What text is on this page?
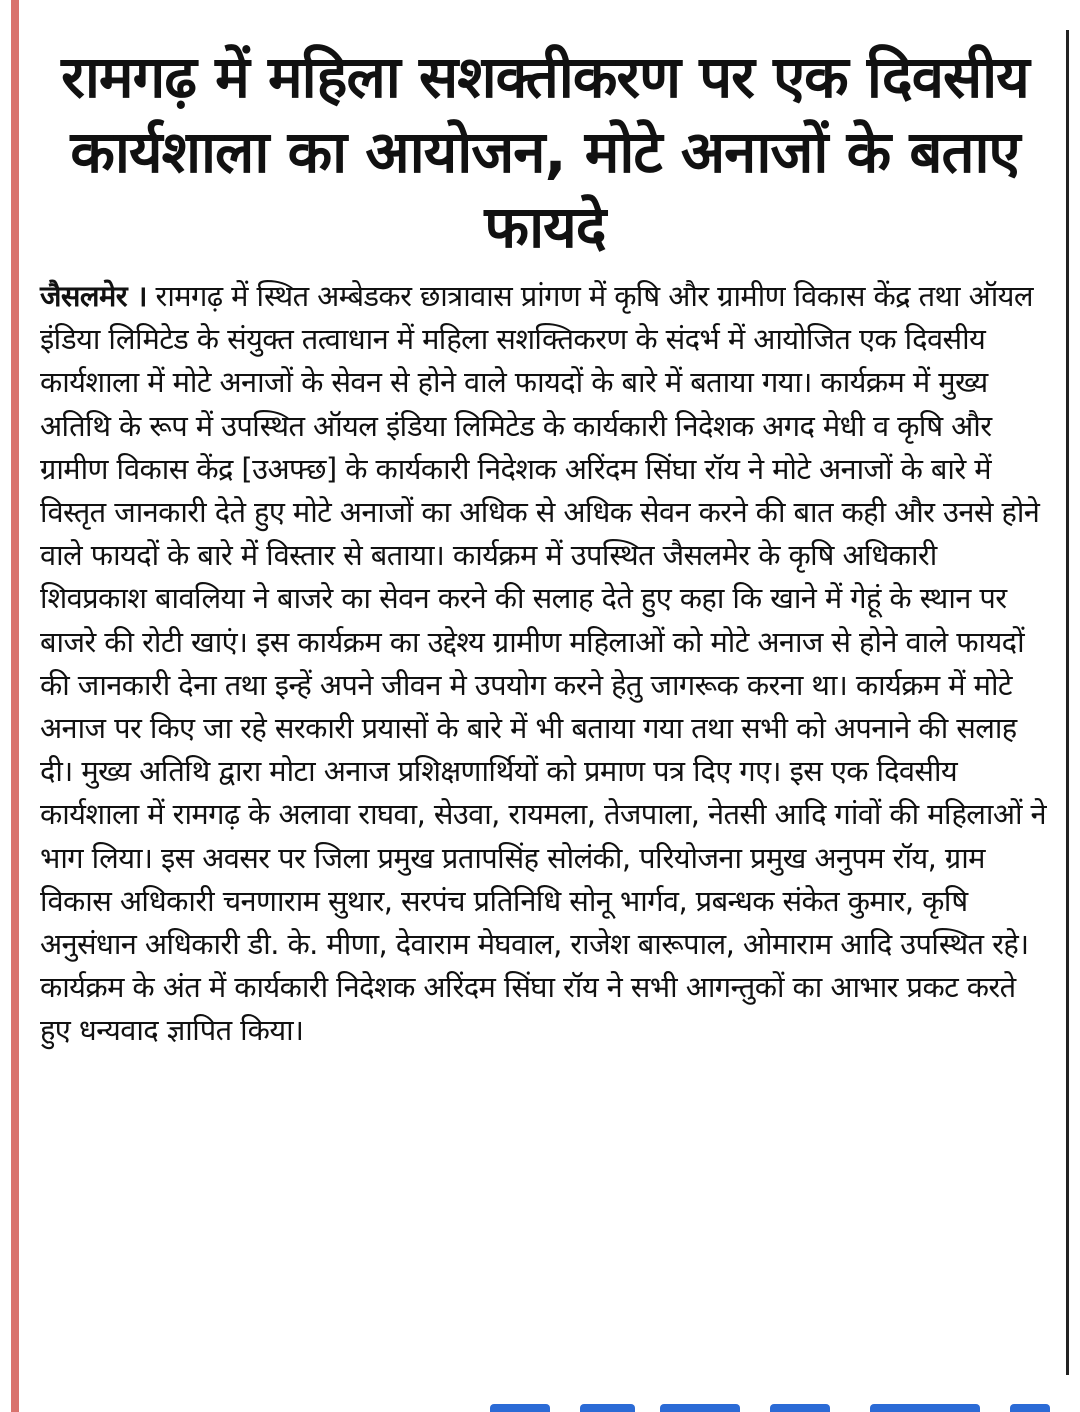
रामगढ़ में महिला सशक्तीकरण पर एक दिवसीय कार्यशाला का आयोजन, मोटे अनाजों के बताए फायदे

जैसलमेर । रामगढ़ में स्थित अम्बेडकर छात्रावास प्रांगण में कृषि और ग्रामीण विकास केंद्र तथा ऑयल इंडिया लिमिटेड के संयुक्त तत्वाधान में महिला सशक्तिकरण के संदर्भ में आयोजित एक दिवसीय कार्यशाला में मोटे अनाजों के सेवन से होने वाले फायदों के बारे में बताया गया। कार्यक्रम में मुख्य अतिथि के रूप में उपस्थित ऑयल इंडिया लिमिटेड के कार्यकारी निदेशक अगद मेधी व कृषि और ग्रामीण विकास केंद्र [उअफ्छ] के कार्यकारी निदेशक अरिंदम सिंघा रॉय ने मोटे अनाजों के बारे में विस्तृत जानकारी देते हुए मोटे अनाजों का अधिक से अधिक सेवन करने की बात कही और उनसे होने वाले फायदों के बारे में विस्तार से बताया। कार्यक्रम में उपस्थित जैसलमेर के कृषि अधिकारी शिवप्रकाश बावलिया ने बाजरे का सेवन करने की सलाह देते हुए कहा कि खाने में गेहूं के स्थान पर बाजरे की रोटी खाएं। इस कार्यक्रम का उद्देश्य ग्रामीण महिलाओं को मोटे अनाज से होने वाले फायदों की जानकारी देना तथा इन्हें अपने जीवन मे उपयोग करने हेतु जागरूक करना था। कार्यक्रम में मोटे अनाज पर किए जा रहे सरकारी प्रयासों के बारे में भी बताया गया तथा सभी को अपनाने की सलाह दी। मुख्य अतिथि द्वारा मोटा अनाज प्रशिक्षणार्थियों को प्रमाण पत्र दिए गए। इस एक दिवसीय कार्यशाला में रामगढ़ के अलावा राघवा, सेउवा, रायमला, तेजपाला, नेतसी आदि गांवों की महिलाओं ने भाग लिया। इस अवसर पर जिला प्रमुख प्रतापसिंह सोलंकी, परियोजना प्रमुख अनुपम रॉय, ग्राम विकास अधिकारी चनणाराम सुथार, सरपंच प्रतिनिधि सोनू भार्गव, प्रबन्धक संकेत कुमार, कृषि अनुसंधान अधिकारी डी. के. मीणा, देवाराम मेघवाल, राजेश बारूपाल, ओमाराम आदि उपस्थित रहे। कार्यक्रम के अंत में कार्यकारी निदेशक अरिंदम सिंघा रॉय ने सभी आगन्तुकों का आभार प्रकट करते हुए धन्यवाद ज्ञापित किया।
